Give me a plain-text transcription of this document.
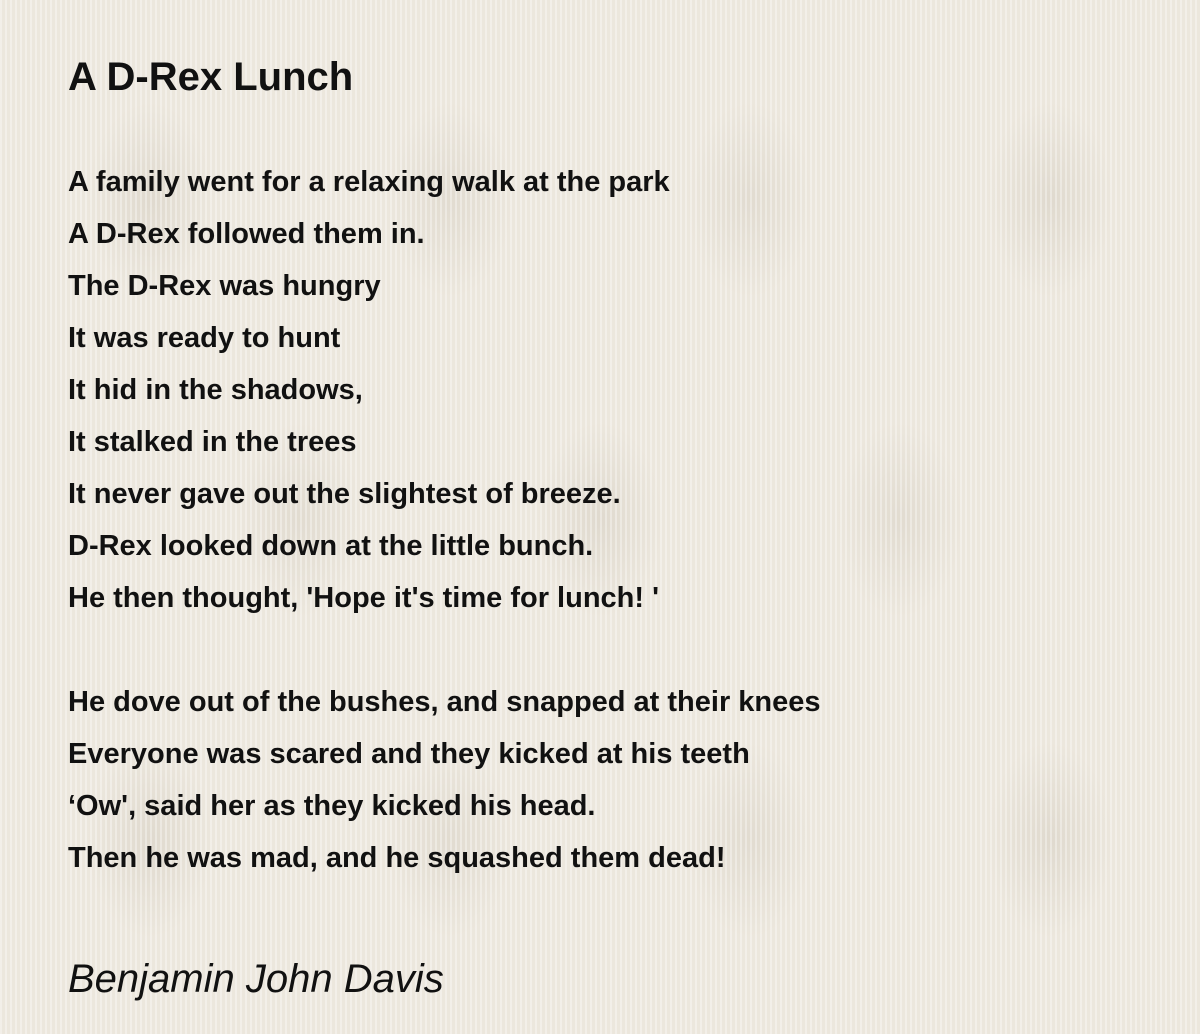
A D-Rex Lunch
A family went for a relaxing walk at the park
A D-Rex followed them in.
The D-Rex was hungry
It was ready to hunt
It hid in the shadows,
It stalked in the trees
It never gave out the slightest of breeze.
D-Rex looked down at the little bunch.
He then thought, 'Hope it's time for lunch! '
He dove out of the bushes, and snapped at their knees
Everyone was scared and they kicked at his teeth
‘Ow', said her as they kicked his head.
Then he was mad, and he squashed them dead!
Benjamin John Davis
